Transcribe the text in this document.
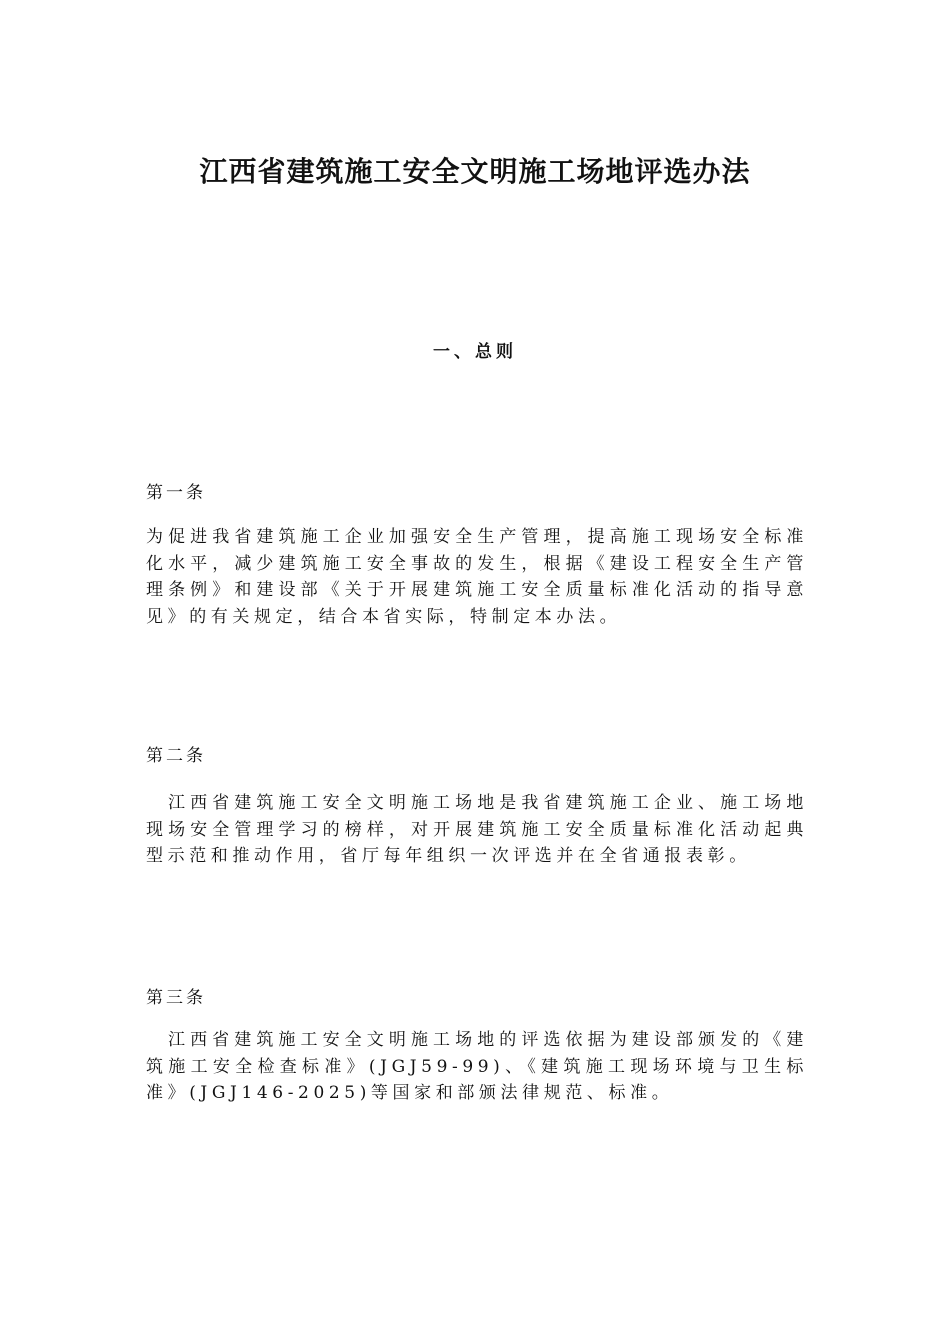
江西省建筑施工安全文明施工场地评选办法
一、总则

第一条

为促进我省建筑施工企业加强安全生产管理，提高施工现场安全标准化水平，减少建筑施工安全事故的发生，根据《建设工程安全生产管理条例》和建设部《关于开展建筑施工安全质量标准化活动的指导意见》的有关规定，结合本省实际，特制定本办法。

第二条

江西省建筑施工安全文明施工场地是我省建筑施工企业、施工场地现场安全管理学习的榜样，对开展建筑施工安全质量标准化活动起典型示范和推动作用，省厅每年组织一次评选并在全省通报表彰。

第三条

江西省建筑施工安全文明施工场地的评选依据为建设部颁发的《建筑施工安全检查标准》(JGJ59-99)、《建筑施工现场环境与卫生标准》(JGJ146-2025)等国家和部颁法律规范、标准。
